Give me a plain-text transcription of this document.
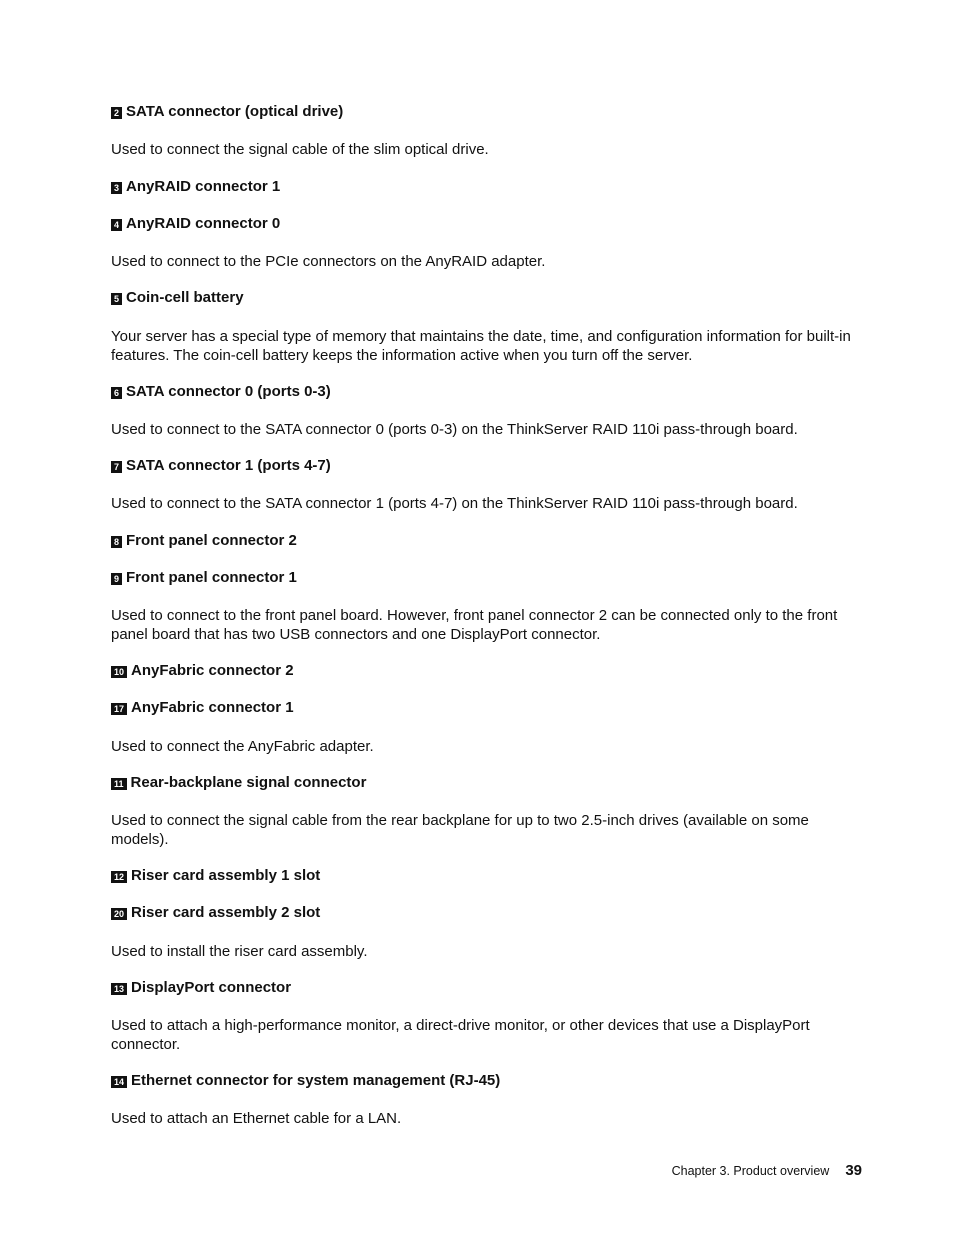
2 SATA connector (optical drive)
Used to connect the signal cable of the slim optical drive.
3 AnyRAID connector 1
4 AnyRAID connector 0
Used to connect to the PCIe connectors on the AnyRAID adapter.
5 Coin-cell battery
Your server has a special type of memory that maintains the date, time, and configuration information for built-in features. The coin-cell battery keeps the information active when you turn off the server.
6 SATA connector 0 (ports 0-3)
Used to connect to the SATA connector 0 (ports 0-3) on the ThinkServer RAID 110i pass-through board.
7 SATA connector 1 (ports 4-7)
Used to connect to the SATA connector 1 (ports 4-7) on the ThinkServer RAID 110i pass-through board.
8 Front panel connector 2
9 Front panel connector 1
Used to connect to the front panel board. However, front panel connector 2 can be connected only to the front panel board that has two USB connectors and one DisplayPort connector.
10 AnyFabric connector 2
17 AnyFabric connector 1
Used to connect the AnyFabric adapter.
11 Rear-backplane signal connector
Used to connect the signal cable from the rear backplane for up to two 2.5-inch drives (available on some models).
12 Riser card assembly 1 slot
20 Riser card assembly 2 slot
Used to install the riser card assembly.
13 DisplayPort connector
Used to attach a high-performance monitor, a direct-drive monitor, or other devices that use a DisplayPort connector.
14 Ethernet connector for system management (RJ-45)
Used to attach an Ethernet cable for a LAN.
Chapter 3. Product overview 39
